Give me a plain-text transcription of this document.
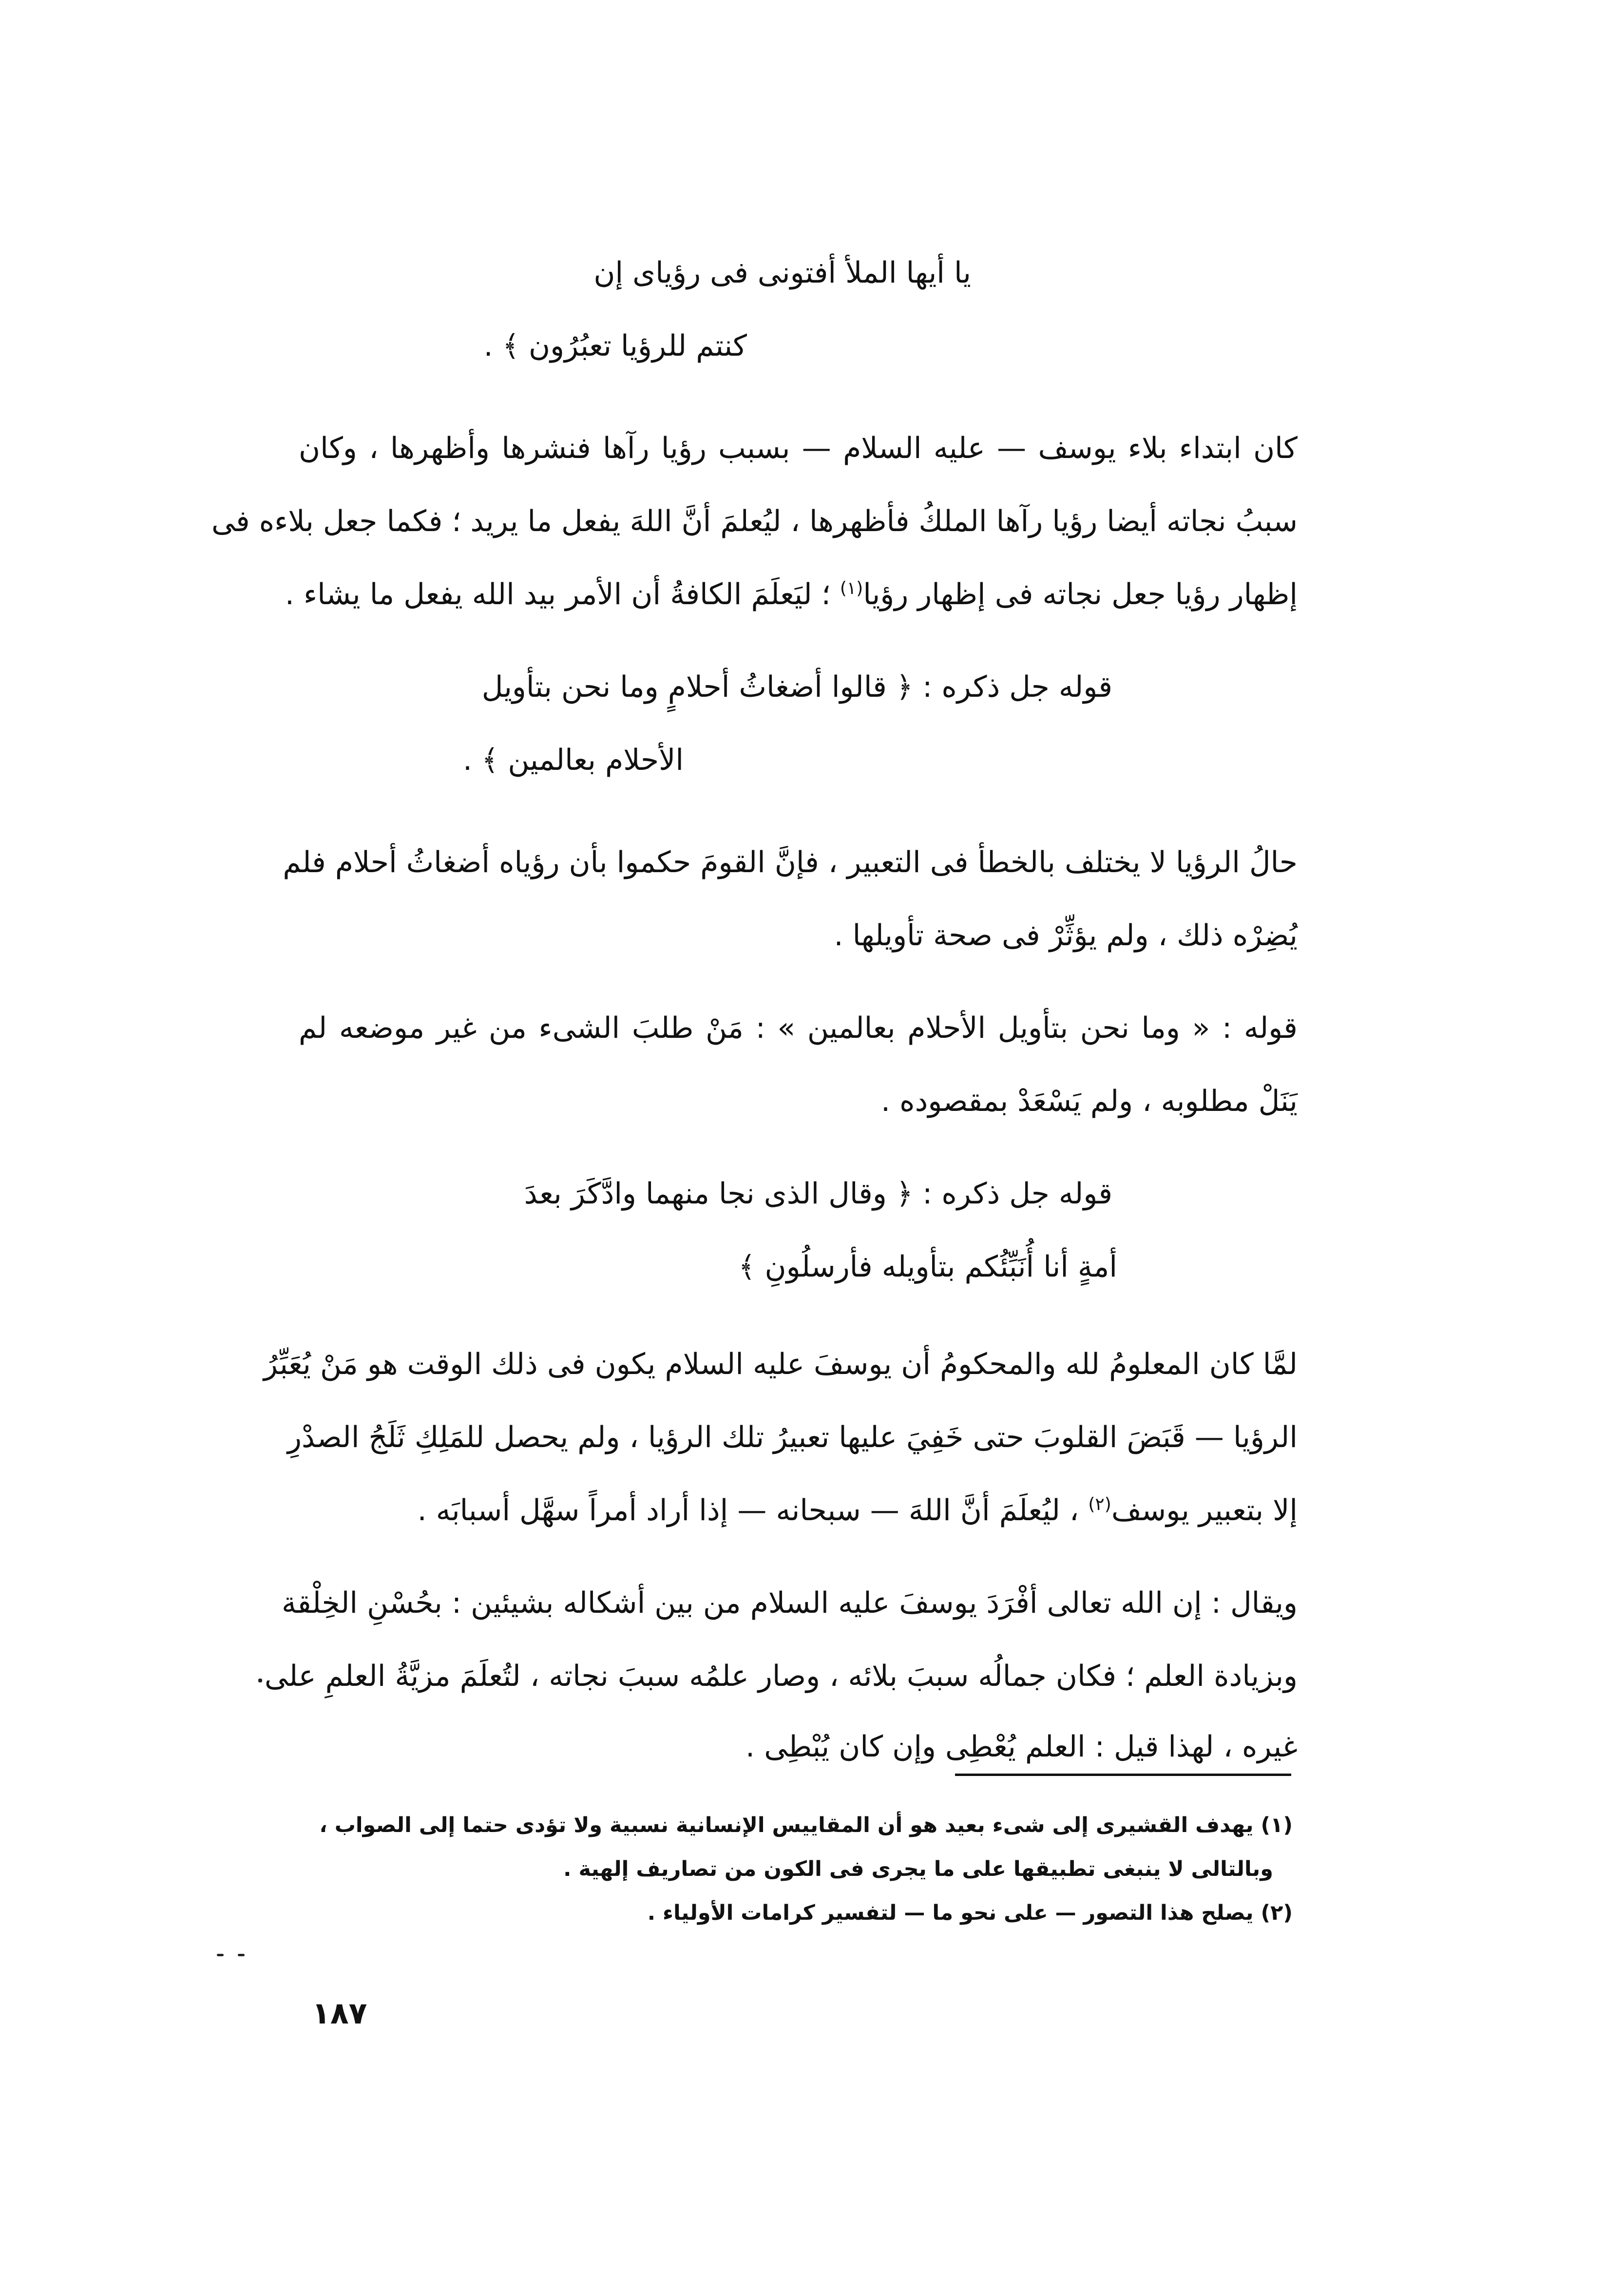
يا أيها الملأ أفتونى فى رؤياى إن
كنتم للرؤيا تعبُرُون ﴾ .
كان ابتداء بلاء يوسف — عليه السلام — بسبب رؤيا رآها فنشرها وأظهرها ، وكان
سببُ نجاته أيضا رؤيا رآها الملكُ فأظهرها ، ليُعلمَ أنَّ اللهَ يفعل ما يريد ؛ فكما جعل بلاءه فى
إظهار رؤيا جعل نجاته فى إظهار رؤيا$^{(١)}$ ؛ ليَعلَمَ الكافةُ أن الأمر بيد الله يفعل ما يشاء .
قوله جل ذكره : ﴿ قالوا أضغاثُ أحلامٍ وما نحن بتأويل
الأحلام بعالمين ﴾ .
حالُ الرؤيا لا يختلف بالخطأ فى التعبير ، فإنَّ القومَ حكموا بأن رؤياه أضغاثُ أحلام فلم
يُضِرْه ذلك ، ولم يؤثِّرْ فى صحة تأويلها .
قوله : « وما نحن بتأويل الأحلام بعالمين » : مَنْ طلبَ الشىء من غير موضعه لم
يَنَلْ مطلوبه ، ولم يَسْعَدْ بمقصوده .
قوله جل ذكره : ﴿ وقال الذى نجا منهما وادَّكَرَ بعدَ
أمةٍ أنا أُنَبِّئُكم بتأويله فأرسلُونِ ﴾
لمَّا كان المعلومُ لله والمحكومُ أن يوسفَ عليه السلام يكون فى ذلك الوقت هو مَنْ يُعَبِّرُ
الرؤيا — قَبَضَ القلوبَ حتى خَفِيَ عليها تعبيرُ تلك الرؤيا ، ولم يحصل للمَلِكِ ثَلَجُ الصدْرِ
إلا بتعبير يوسف$^{(٢)}$ ، ليُعلَمَ أنَّ اللهَ — سبحانه — إذا أراد أمراً سهَّل أسبابَه .
ويقال : إن الله تعالى أفْرَدَ يوسفَ عليه السلام من بين أشكاله بشيئين : بحُسْنِ الخِلْقة
وبزيادة العلم ؛ فكان جمالُه سببَ بلائه ، وصار علمُه سببَ نجاته ، لتُعلَمَ مزيَّةُ العلمِ على
غيره ، لهذا قيل : العلم يُعْطِى وإن كان يُبْطِى .
(١) يهدف القشيرى إلى شىء بعيد هو أن المقاييس الإنسانية نسبية ولا تؤدى حتما إلى الصواب ،
وبالتالى لا ينبغى تطبيقها على ما يجرى فى الكون من تصاريف إلهية .
(٢) يصلح هذا التصور — على نحو ما — لتفسير كرامات الأولياء .
١٨٧
